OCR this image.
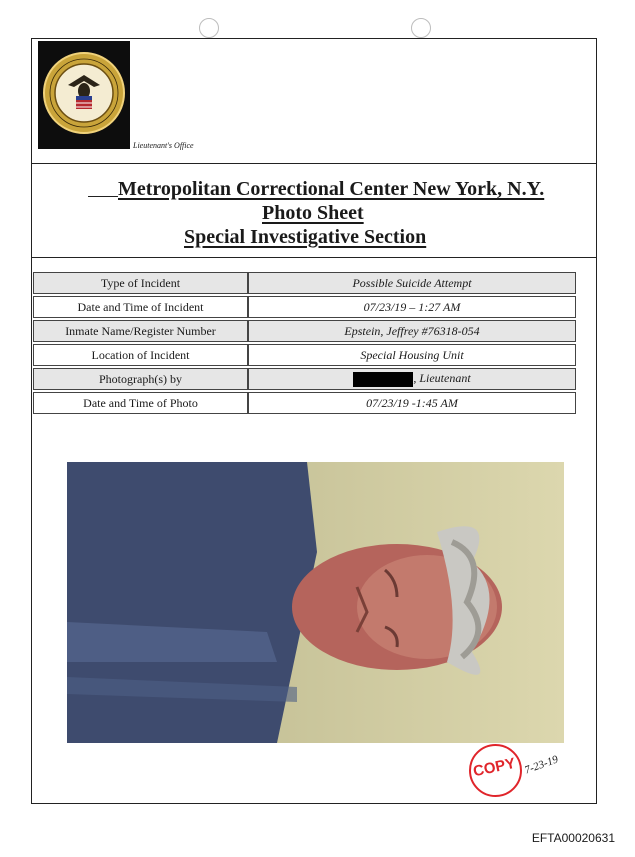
Lieutenant's Office
Metropolitan Correctional Center New York, N.Y.
Photo Sheet
Special Investigative Section
Type of Incident	Possible Suicide Attempt
Date and Time of Incident	07/23/19 – 1:27 AM
Inmate Name/Register Number	Epstein, Jeffrey #76318-054
Location of Incident	Special Housing Unit
Photograph(s) by	, Lieutenant
Date and Time of Photo	07/23/19 -1:45 AM
COPY 7-23-19
EFTA00020631
